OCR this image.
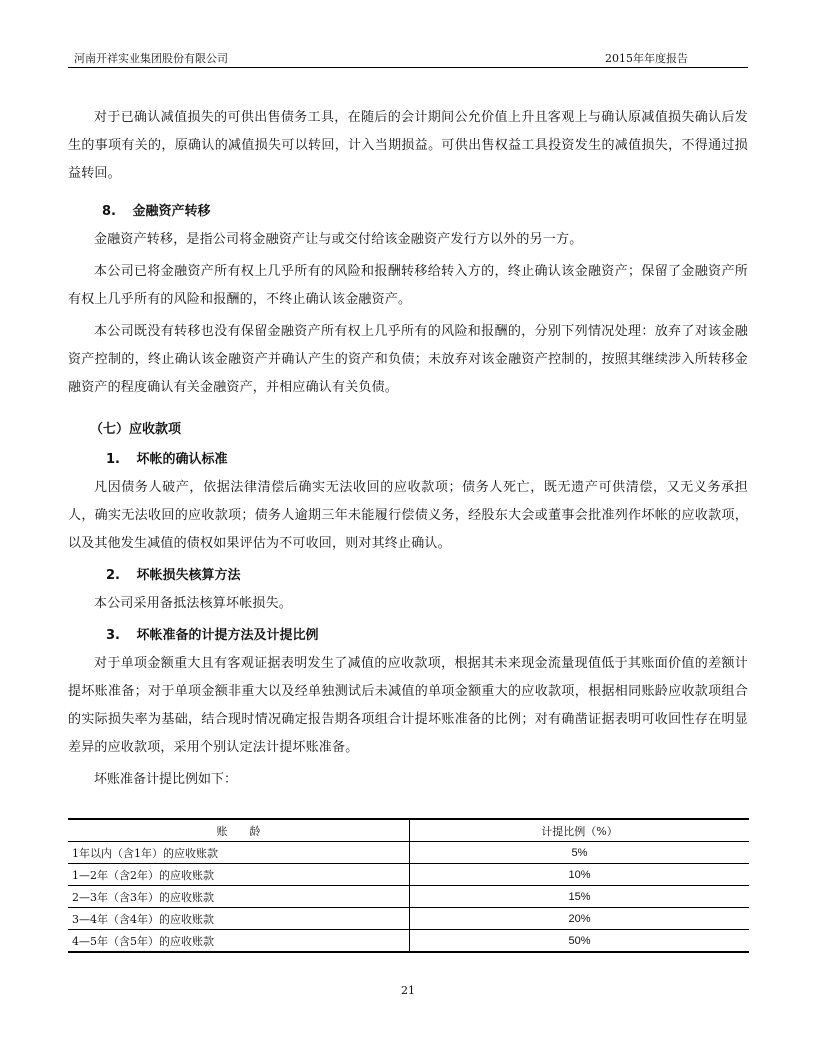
河南开祥实业集团股份有限公司	2015年年度报告

对于已确认减值损失的可供出售债务工具，在随后的会计期间公允价值上升且客观上与确认原减值损失确认后发生的事项有关的，原确认的减值损失可以转回，计入当期损益。可供出售权益工具投资发生的减值损失，不得通过损益转回。

8. 金融资产转移

金融资产转移，是指公司将金融资产让与或交付给该金融资产发行方以外的另一方。

本公司已将金融资产所有权上几乎所有的风险和报酬转移给转入方的，终止确认该金融资产；保留了金融资产所有权上几乎所有的风险和报酬的，不终止确认该金融资产。

本公司既没有转移也没有保留金融资产所有权上几乎所有的风险和报酬的，分别下列情况处理：放弃了对该金融资产控制的，终止确认该金融资产并确认产生的资产和负债；未放弃对该金融资产控制的，按照其继续涉入所转移金融资产的程度确认有关金融资产，并相应确认有关负债。

（七）应收款项
1. 坏帐的确认标准

凡因债务人破产，依据法律清偿后确实无法收回的应收款项；债务人死亡，既无遗产可供清偿，又无义务承担人，确实无法收回的应收款项；债务人逾期三年未能履行偿债义务，经股东大会或董事会批准列作坏帐的应收款项，以及其他发生减值的债权如果评估为不可收回，则对其终止确认。

2. 坏帐损失核算方法

本公司采用备抵法核算坏帐损失。

3. 坏帐准备的计提方法及计提比例

对于单项金额重大且有客观证据表明发生了减值的应收款项，根据其未来现金流量现值低于其账面价值的差额计提坏账准备；对于单项金额非重大以及经单独测试后未减值的单项金额重大的应收款项，根据相同账龄应收款项组合的实际损失率为基础，结合现时情况确定报告期各项组合计提坏账准备的比例；对有确凿证据表明可收回性存在明显差异的应收款项，采用个别认定法计提坏账准备。

坏账准备计提比例如下：

账　　龄	计提比例（%）
1年以内（含1年）的应收账款	5%
1—2年（含2年）的应收账款	10%
2—3年（含3年）的应收账款	15%
3—4年（含4年）的应收账款	20%
4—5年（含5年）的应收账款	50%
21
